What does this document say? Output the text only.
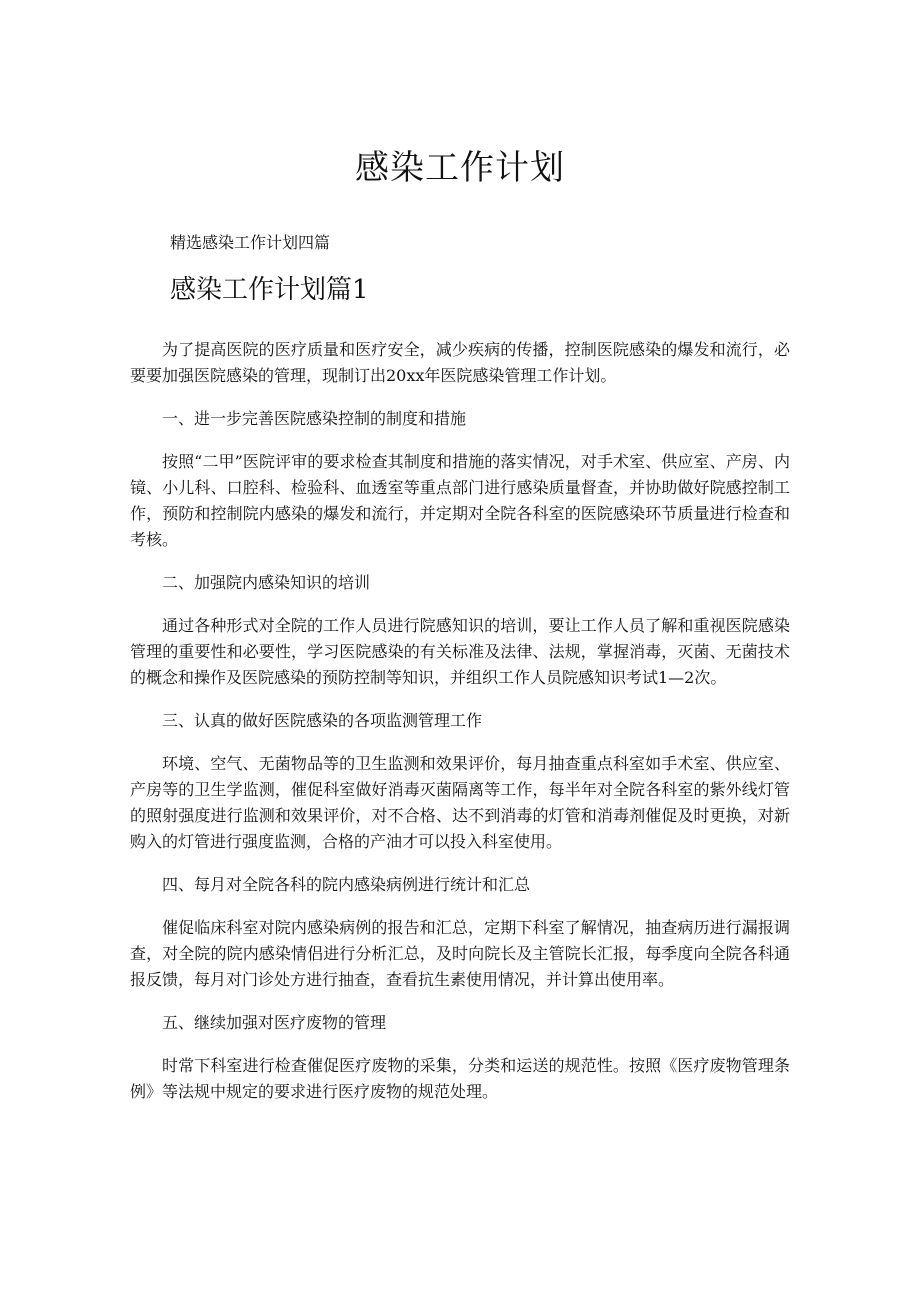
感染工作计划

精选感染工作计划四篇

感染工作计划篇1

为了提高医院的医疗质量和医疗安全，减少疾病的传播，控制医院感染的爆发和流行，必要要加强医院感染的管理，现制订出20xx年医院感染管理工作计划。

一、进一步完善医院感染控制的制度和措施

按照“二甲”医院评审的要求检查其制度和措施的落实情况，对手术室、供应室、产房、内镜、小儿科、口腔科、检验科、血透室等重点部门进行感染质量督查，并协助做好院感控制工作，预防和控制院内感染的爆发和流行，并定期对全院各科室的医院感染环节质量进行检查和考核。

二、加强院内感染知识的培训

通过各种形式对全院的工作人员进行院感知识的培训，要让工作人员了解和重视医院感染管理的重要性和必要性，学习医院感染的有关标准及法律、法规，掌握消毒，灭菌、无菌技术的概念和操作及医院感染的预防控制等知识，并组织工作人员院感知识考试1—2次。

三、认真的做好医院感染的各项监测管理工作

环境、空气、无菌物品等的卫生监测和效果评价，每月抽查重点科室如手术室、供应室、产房等的卫生学监测，催促科室做好消毒灭菌隔离等工作，每半年对全院各科室的紫外线灯管的照射强度进行监测和效果评价，对不合格、达不到消毒的灯管和消毒剂催促及时更换，对新购入的灯管进行强度监测，合格的产油才可以投入科室使用。

四、每月对全院各科的院内感染病例进行统计和汇总

催促临床科室对院内感染病例的报告和汇总，定期下科室了解情况，抽查病历进行漏报调查，对全院的院内感染情侣进行分析汇总，及时向院长及主管院长汇报，每季度向全院各科通报反馈，每月对门诊处方进行抽查，查看抗生素使用情况，并计算出使用率。

五、继续加强对医疗废物的管理

时常下科室进行检查催促医疗废物的采集，分类和运送的规范性。按照《医疗废物管理条例》等法规中规定的要求进行医疗废物的规范处理。
